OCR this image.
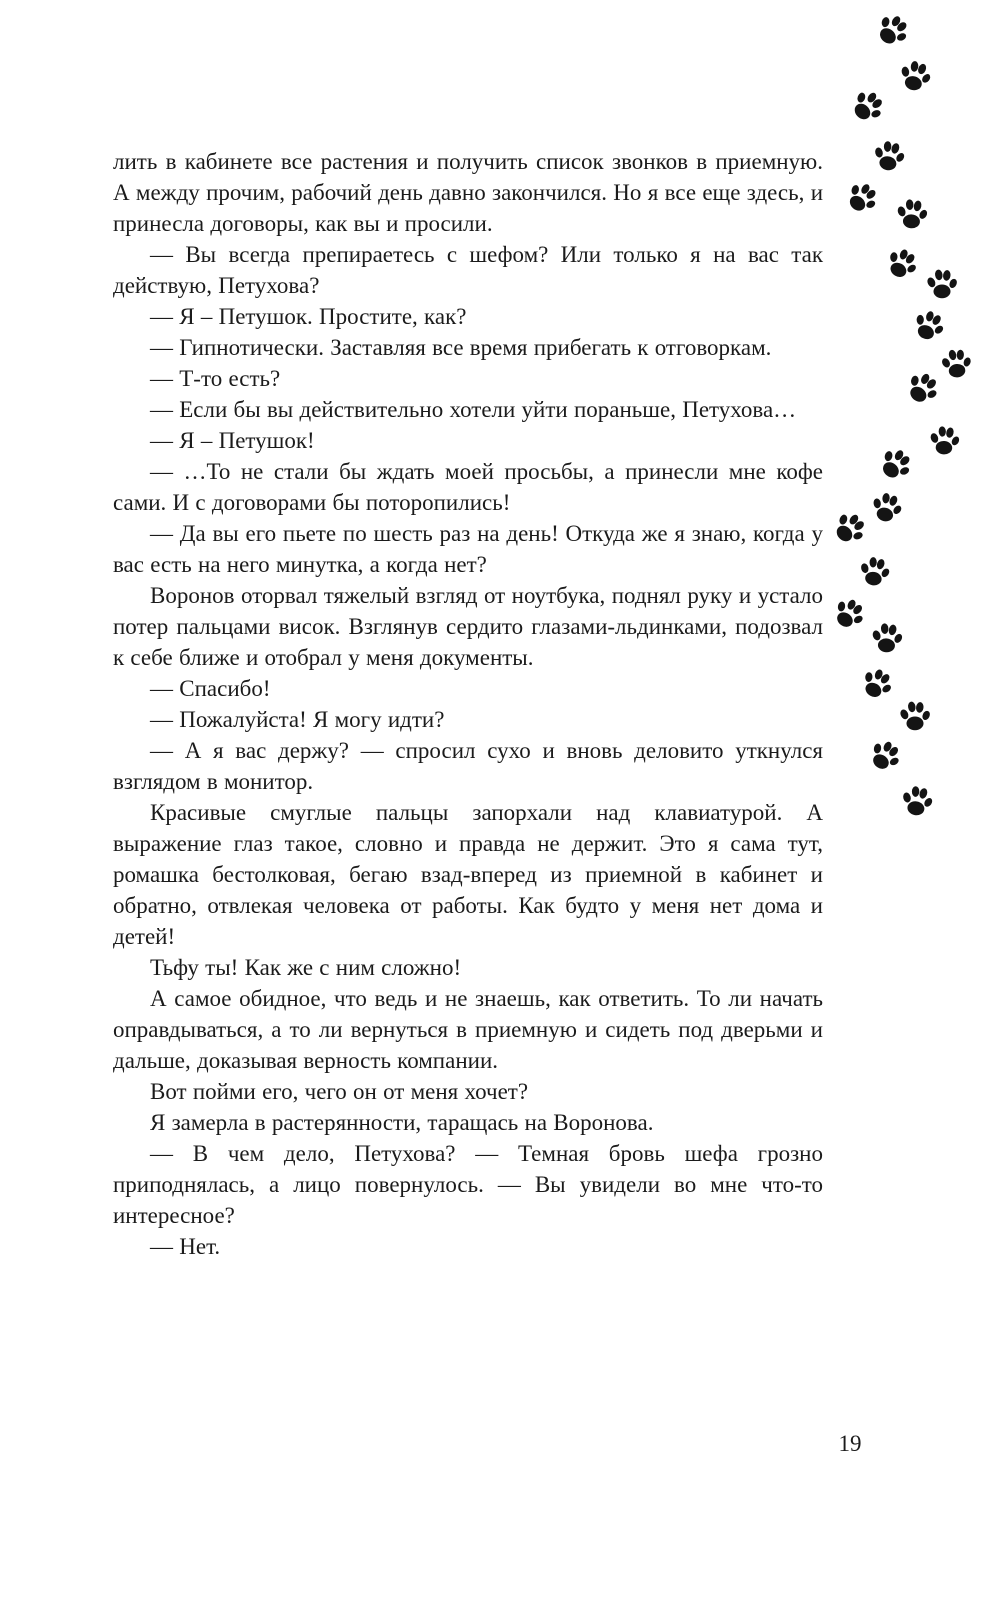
лить в кабинете все растения и получить список звонков в приемную. А между прочим, рабочий день давно закончился. Но я все еще здесь, и принесла договоры, как вы и просили.

— Вы всегда препираетесь с шефом? Или только я на вас так действую, Петухова?

— Я – Петушок. Простите, как?

— Гипнотически. Заставляя все время прибегать к отговоркам.

— Т-то есть?

— Если бы вы действительно хотели уйти пораньше, Петухова…

— Я – Петушок!

— …То не стали бы ждать моей просьбы, а принесли мне кофе сами. И с договорами бы поторопились!

— Да вы его пьете по шесть раз на день! Откуда же я знаю, когда у вас есть на него минутка, а когда нет?

Воронов оторвал тяжелый взгляд от ноутбука, поднял руку и устало потер пальцами висок. Взглянув сердито глазами-льдинками, подозвал к себе ближе и отобрал у меня документы.

— Спасибо!

— Пожалуйста! Я могу идти?

— А я вас держу? — спросил сухо и вновь деловито уткнулся взглядом в монитор.

Красивые смуглые пальцы запорхали над клавиатурой. А выражение глаз такое, словно и правда не держит. Это я сама тут, ромашка бестолковая, бегаю взад-вперед из приемной в кабинет и обратно, отвлекая человека от работы. Как будто у меня нет дома и детей!

Тьфу ты! Как же с ним сложно!

А самое обидное, что ведь и не знаешь, как ответить. То ли начать оправдываться, а то ли вернуться в приемную и сидеть под дверьми и дальше, доказывая верность компании.

Вот пойми его, чего он от меня хочет?

Я замерла в растерянности, таращась на Воронова.

— В чем дело, Петухова? — Темная бровь шефа грозно приподнялась, а лицо повернулось. — Вы увидели во мне что-то интересное?

— Нет.

19
